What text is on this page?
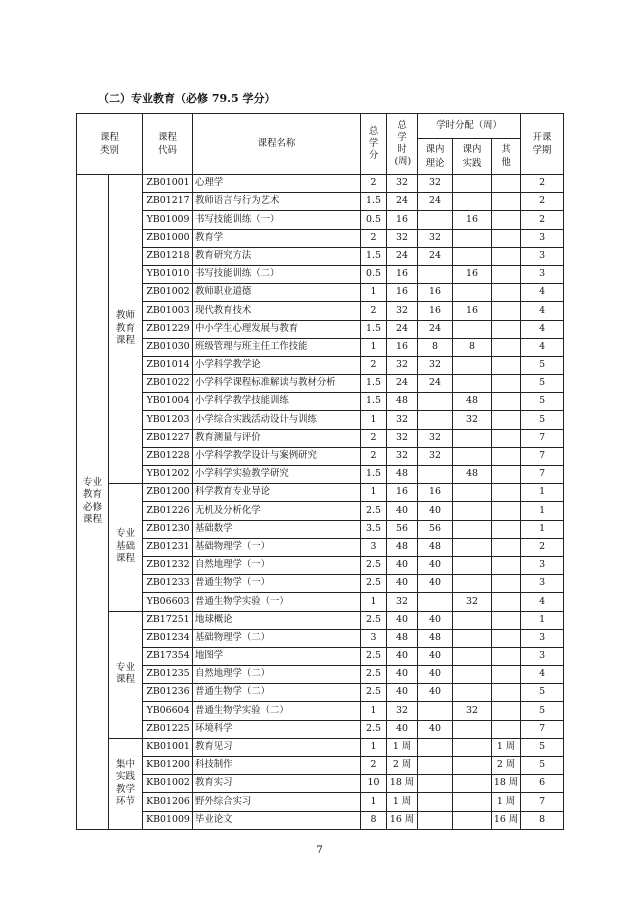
（二）专业教育（必修 79.5 学分）
课程类别		课程代码	课程名称	总学分	总学时(周)	学时分配（周）			开课学期
						课内理论	课内实践	其他	
专业教育必修课程	教师教育课程	ZB01001	心理学	2	32	32			2
		ZB01217	教师语言与行为艺术	1.5	24	24			2
		YB01009	书写技能训练（一）	0.5	16		16		2
		ZB01000	教育学	2	32	32			3
		ZB01218	教育研究方法	1.5	24	24			3
		YB01010	书写技能训练（二）	0.5	16		16		3
		ZB01002	教师职业道德	1	16	16			4
		ZB01003	现代教育技术	2	32	16	16		4
		ZB01229	中小学生心理发展与教育	1.5	24	24			4
		ZB01030	班级管理与班主任工作技能	1	16	8	8		4
		ZB01014	小学科学教学论	2	32	32			5
		ZB01022	小学科学课程标准解读与教材分析	1.5	24	24			5
		YB01004	小学科学教学技能训练	1.5	48		48		5
		YB01203	小学综合实践活动设计与训练	1	32		32		5
		ZB01227	教育测量与评价	2	32	32			7
		ZB01228	小学科学教学设计与案例研究	2	32	32			7
		YB01202	小学科学实验教学研究	1.5	48		48		7
	专业基础课程	ZB01200	科学教育专业导论	1	16	16			1
		ZB01226	无机及分析化学	2.5	40	40			1
		ZB01230	基础数学	3.5	56	56			1
		ZB01231	基础物理学（一）	3	48	48			2
		ZB01232	自然地理学（一）	2.5	40	40			3
		ZB01233	普通生物学（一）	2.5	40	40			3
		YB06603	普通生物学实验（一）	1	32		32		4
	专业课程	ZB17251	地球概论	2.5	40	40			1
		ZB01234	基础物理学（二）	3	48	48			3
		ZB17354	地图学	2.5	40	40			3
		ZB01235	自然地理学（二）	2.5	40	40			4
		ZB01236	普通生物学（二）	2.5	40	40			5
		YB06604	普通生物学实验（二）	1	32		32		5
		ZB01225	环境科学	2.5	40	40			7
	集中实践教学环节	KB01001	教育见习	1	1 周			1 周	5
		KB01200	科技制作	2	2 周			2 周	5
		KB01002	教育实习	10	18 周			18 周	6
		KB01206	野外综合实习	1	1 周			1 周	7
		KB01009	毕业论文	8	16 周			16 周	8
7
